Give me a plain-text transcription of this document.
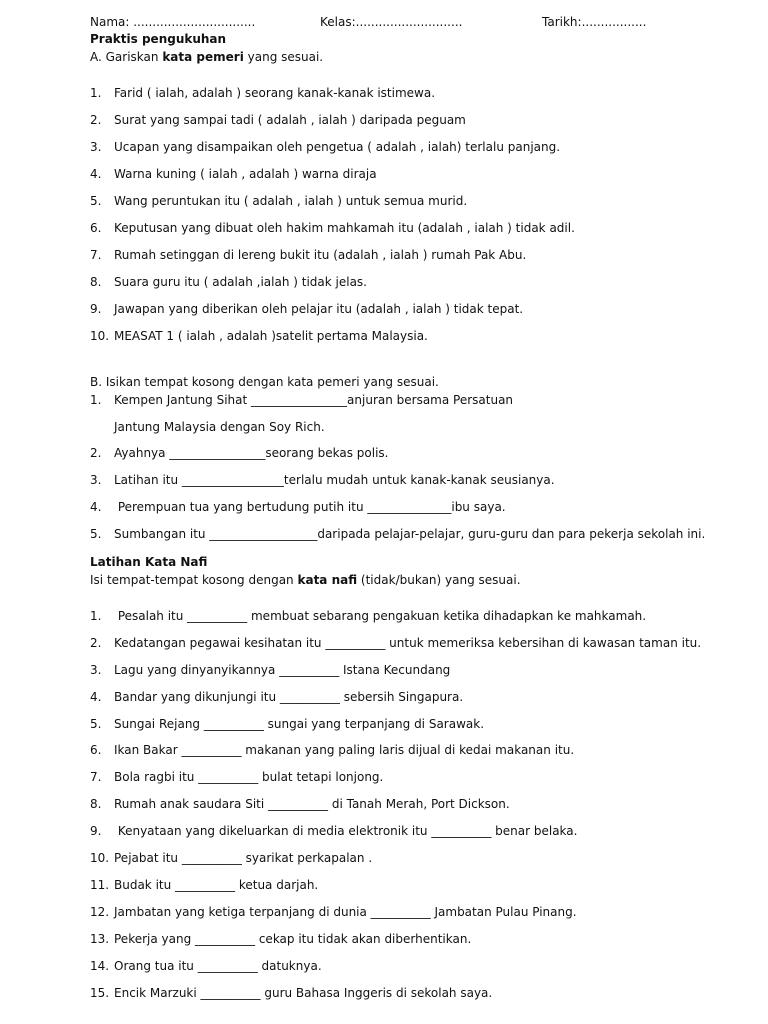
Nama: ................................	Kelas:............................	Tarikh:.................
Praktis pengukuhan
A. Gariskan kata pemeri yang sesuai.
1. Farid ( ialah, adalah ) seorang kanak-kanak istimewa.
2. Surat yang sampai tadi ( adalah , ialah ) daripada peguam
3. Ucapan yang disampaikan oleh pengetua ( adalah , ialah) terlalu panjang.
4. Warna kuning ( ialah , adalah ) warna diraja
5. Wang peruntukan itu ( adalah , ialah ) untuk semua murid.
6. Keputusan yang dibuat oleh hakim mahkamah itu (adalah , ialah ) tidak adil.
7. Rumah setinggan di lereng bukit itu (adalah , ialah ) rumah Pak Abu.
8. Suara guru itu ( adalah ,ialah ) tidak jelas.
9. Jawapan yang diberikan oleh pelajar itu (adalah , ialah ) tidak tepat.
10. MEASAT 1 ( ialah , adalah )satelit pertama Malaysia.
B. Isikan tempat kosong dengan kata pemeri yang sesuai.
1. Kempen Jantung Sihat ________________anjuran bersama Persatuan
Jantung Malaysia dengan Soy Rich.
2. Ayahnya ________________seorang bekas polis.
3. Latihan itu _________________terlalu mudah untuk kanak-kanak seusianya.
4. Perempuan tua yang bertudung putih itu ______________ibu saya.
5. Sumbangan itu __________________daripada pelajar-pelajar, guru-guru dan para pekerja sekolah ini.
Latihan Kata Nafi
Isi tempat-tempat kosong dengan kata nafi (tidak/bukan) yang sesuai.
1. Pesalah itu __________ membuat sebarang pengakuan ketika dihadapkan ke mahkamah.
2. Kedatangan pegawai kesihatan itu __________ untuk memeriksa kebersihan di kawasan taman itu.
3. Lagu yang dinyanyikannya __________ Istana Kecundang
4. Bandar yang dikunjungi itu __________ sebersih Singapura.
5. Sungai Rejang __________ sungai yang terpanjang di Sarawak.
6. Ikan Bakar __________ makanan yang paling laris dijual di kedai makanan itu.
7. Bola ragbi itu __________ bulat tetapi lonjong.
8. Rumah anak saudara Siti __________ di Tanah Merah, Port Dickson.
9. Kenyataan yang dikeluarkan di media elektronik itu __________ benar belaka.
10. Pejabat itu __________ syarikat perkapalan .
11. Budak itu __________ ketua darjah.
12. Jambatan yang ketiga terpanjang di dunia __________ Jambatan Pulau Pinang.
13. Pekerja yang __________ cekap itu tidak akan diberhentikan.
14. Orang tua itu __________ datuknya.
15. Encik Marzuki __________ guru Bahasa Inggeris di sekolah saya.
